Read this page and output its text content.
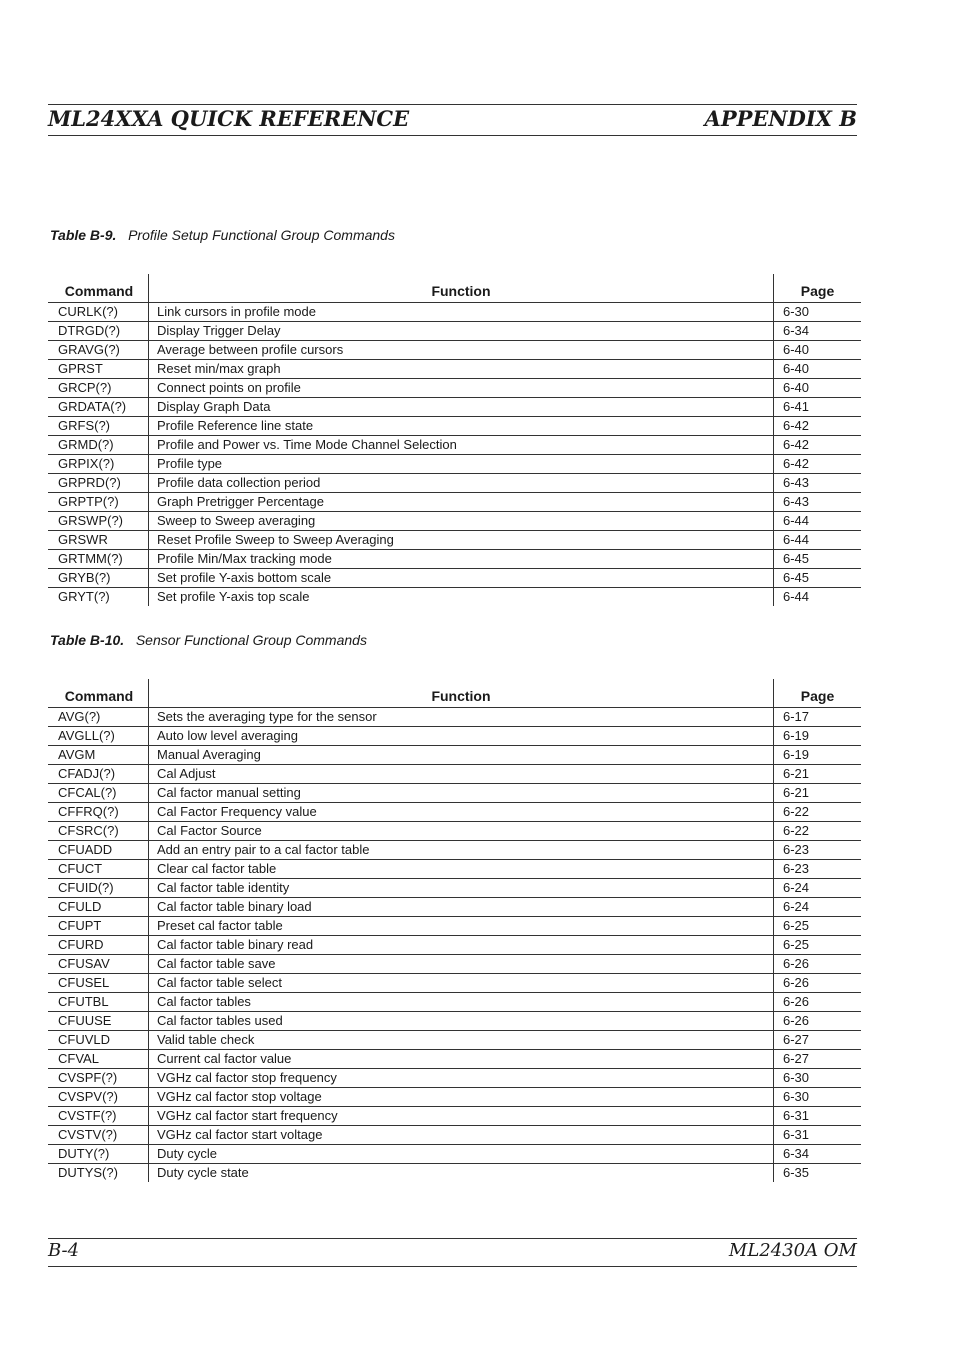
ML24XXA QUICK REFERENCE	APPENDIX B
Table B-9. Profile Setup Functional Group Commands
Command	Function	Page
CURLK(?)	Link cursors in profile mode	6-30
DTRGD(?)	Display Trigger Delay	6-34
GRAVG(?)	Average between profile cursors	6-40
GPRST	Reset min/max graph	6-40
GRCP(?)	Connect points on profile	6-40
GRDATA(?)	Display Graph Data	6-41
GRFS(?)	Profile Reference line state	6-42
GRMD(?)	Profile and Power vs. Time Mode Channel Selection	6-42
GRPIX(?)	Profile type	6-42
GRPRD(?)	Profile data collection period	6-43
GRPTP(?)	Graph Pretrigger Percentage	6-43
GRSWP(?)	Sweep to Sweep averaging	6-44
GRSWR	Reset Profile Sweep to Sweep Averaging	6-44
GRTMM(?)	Profile Min/Max tracking mode	6-45
GRYB(?)	Set profile Y-axis bottom scale	6-45
GRYT(?)	Set profile Y-axis top scale	6-44
Table B-10. Sensor Functional Group Commands
Command	Function	Page
AVG(?)	Sets the averaging type for the sensor	6-17
AVGLL(?)	Auto low level averaging	6-19
AVGM	Manual Averaging	6-19
CFADJ(?)	Cal Adjust	6-21
CFCAL(?)	Cal factor manual setting	6-21
CFFRQ(?)	Cal Factor Frequency value	6-22
CFSRC(?)	Cal Factor Source	6-22
CFUADD	Add an entry pair to a cal factor table	6-23
CFUCT	Clear cal factor table	6-23
CFUID(?)	Cal factor table identity	6-24
CFULD	Cal factor table binary load	6-24
CFUPT	Preset cal factor table	6-25
CFURD	Cal factor table binary read	6-25
CFUSAV	Cal factor table save	6-26
CFUSEL	Cal factor table select	6-26
CFUTBL	Cal factor tables	6-26
CFUUSE	Cal factor tables used	6-26
CFUVLD	Valid table check	6-27
CFVAL	Current cal factor value	6-27
CVSPF(?)	VGHz cal factor stop frequency	6-30
CVSPV(?)	VGHz cal factor stop voltage	6-30
CVSTF(?)	VGHz cal factor start frequency	6-31
CVSTV(?)	VGHz cal factor start voltage	6-31
DUTY(?)	Duty cycle	6-34
DUTYS(?)	Duty cycle state	6-35
B-4	ML2430A OM
